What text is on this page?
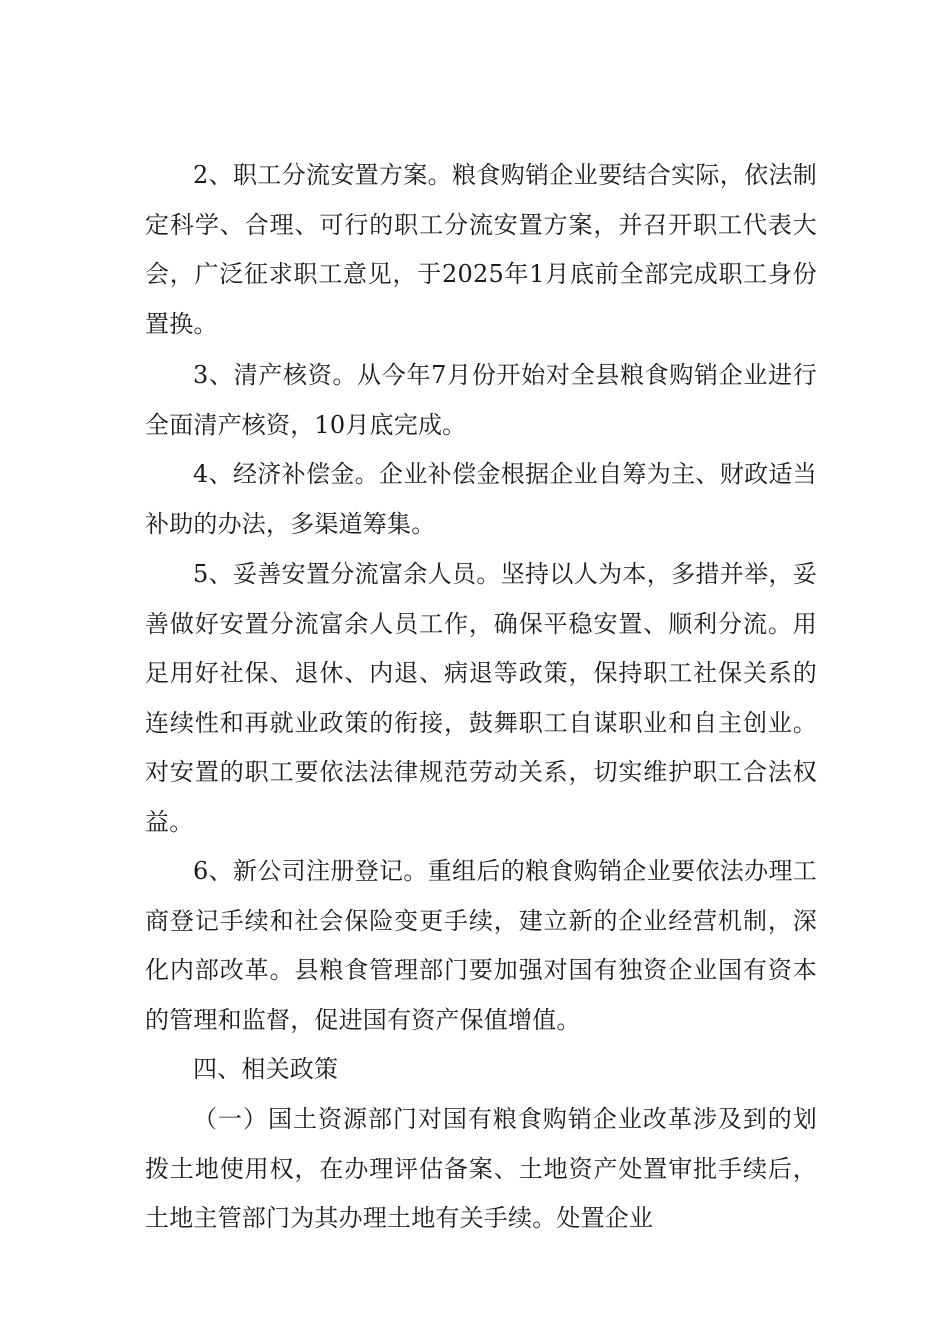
2、职工分流安置方案。粮食购销企业要结合实际，依法制定科学、合理、可行的职工分流安置方案，并召开职工代表大会，广泛征求职工意见，于2025年1月底前全部完成职工身份置换。

3、清产核资。从今年7月份开始对全县粮食购销企业进行全面清产核资，10月底完成。

4、经济补偿金。企业补偿金根据企业自筹为主、财政适当补助的办法，多渠道筹集。

5、妥善安置分流富余人员。坚持以人为本，多措并举，妥善做好安置分流富余人员工作，确保平稳安置、顺利分流。用足用好社保、退休、内退、病退等政策，保持职工社保关系的连续性和再就业政策的衔接，鼓舞职工自谋职业和自主创业。对安置的职工要依法法律规范劳动关系，切实维护职工合法权益。

6、新公司注册登记。重组后的粮食购销企业要依法办理工商登记手续和社会保险变更手续，建立新的企业经营机制，深化内部改革。县粮食管理部门要加强对国有独资企业国有资本的管理和监督，促进国有资产保值增值。

四、相关政策

（一）国土资源部门对国有粮食购销企业改革涉及到的划拨土地使用权，在办理评估备案、土地资产处置审批手续后，土地主管部门为其办理土地有关手续。处置企业
